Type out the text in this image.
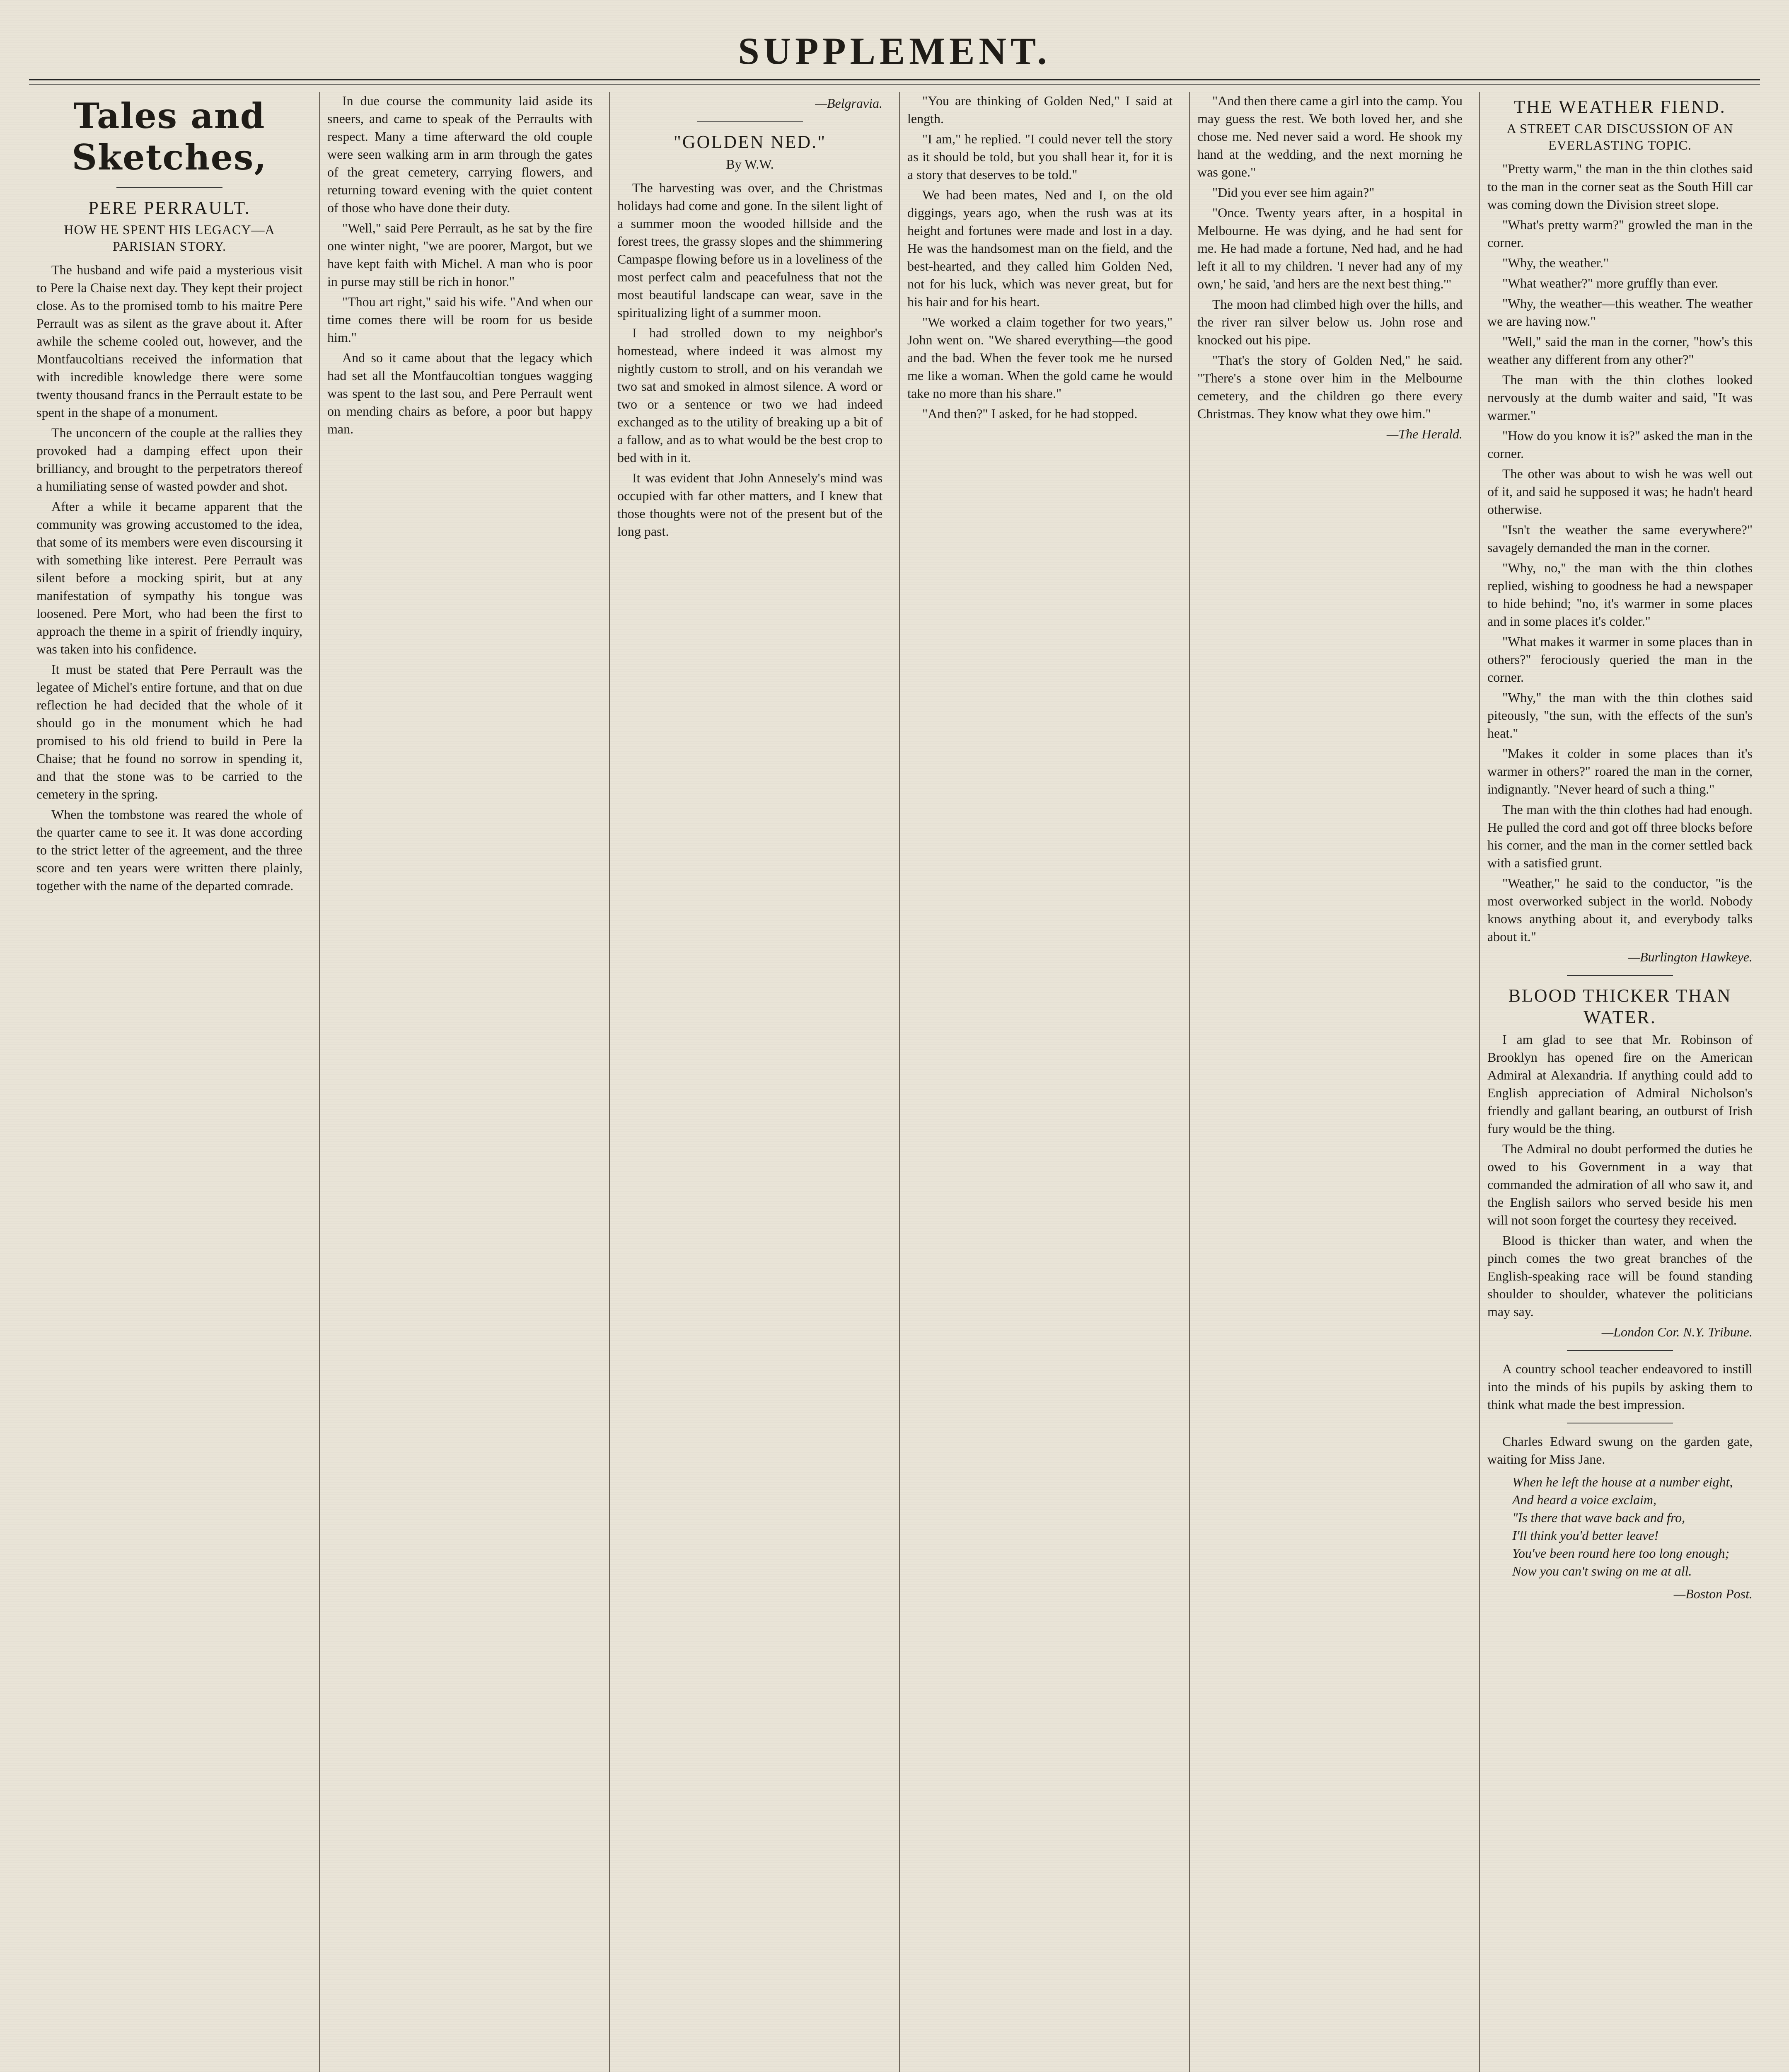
SUPPLEMENT.
Tales and Sketches,
PERE PERRAULT.
HOW HE SPENT HIS LEGACY—A PARISIAN STORY.

The husband and wife paid a mysterious visit to Pere la Chaise next day. They kept their project close. As to the promised tomb to his maitre Pere Perrault was as silent as the grave about it. After awhile the scheme cooled out, however, and the Montfaucoltians received the information that with incredible knowledge there were some twenty thousand francs in the Perrault estate to be spent in the shape of a monument.

The unconcern of the couple at the rallies they provoked had a damping effect upon their brilliancy, and brought to the perpetrators thereof a humiliating sense of wasted powder and shot.

After a while it became apparent that the community was growing accustomed to the idea, that some of its members were even discoursing it with something like interest. Pere Perrault was silent before a mocking spirit, but at any manifestation of sympathy his tongue was loosened. Pere Mort, who had been the first to approach the theme in a spirit of friendly inquiry, was taken into his confidence.

It must be stated that Pere Perrault was the legatee of Michel's entire fortune, and that on due reflection he had decided that the whole of it should go in the monument which he had promised to his old friend to build in Pere la Chaise; that he found no sorrow in spending it, and that the stone was to be carried to the cemetery in the spring.

When the tombstone was reared the whole of the quarter came to see it. It was done according to the strict letter of the agreement, and the three score and ten years were written there plainly, together with the name of the departed comrade.

In due course the community laid aside its sneers, and came to speak of the Perraults with respect. Many a time afterward the old couple were seen walking arm in arm through the gates of the great cemetery, carrying flowers, and returning toward evening with the quiet content of those who have done their duty.

"Well," said Pere Perrault, as he sat by the fire one winter night, "we are poorer, Margot, but we have kept faith with Michel. A man who is poor in purse may still be rich in honor."

"Thou art right," said his wife. "And when our time comes there will be room for us beside him."

And so it came about that the legacy which had set all the Montfaucoltian tongues wagging was spent to the last sou, and Pere Perrault went on mending chairs as before, a poor but happy man.

—Belgravia.
"GOLDEN NED."
By W.W.

The harvesting was over, and the Christmas holidays had come and gone. In the silent light of a summer moon the wooded hillside and the forest trees, the grassy slopes and the shimmering Campaspe flowing before us in a loveliness of the most perfect calm and peacefulness that not the most beautiful landscape can wear, save in the spiritualizing light of a summer moon.

I had strolled down to my neighbor's homestead, where indeed it was almost my nightly custom to stroll, and on his verandah we two sat and smoked in almost silence. A word or two or a sentence or two we had indeed exchanged as to the utility of breaking up a bit of a fallow, and as to what would be the best crop to bed with in it.

It was evident that John Annesely's mind was occupied with far other matters, and I knew that those thoughts were not of the present but of the long past.

"You are thinking of Golden Ned," I said at length.

"I am," he replied. "I could never tell the story as it should be told, but you shall hear it, for it is a story that deserves to be told."

We had been mates, Ned and I, on the old diggings, years ago, when the rush was at its height and fortunes were made and lost in a day. He was the handsomest man on the field, and the best-hearted, and they called him Golden Ned, not for his luck, which was never great, but for his hair and for his heart.

"We worked a claim together for two years," John went on. "We shared everything—the good and the bad. When the fever took me he nursed me like a woman. When the gold came he would take no more than his share."

"And then?" I asked, for he had stopped.

"And then there came a girl into the camp. You may guess the rest. We both loved her, and she chose me. Ned never said a word. He shook my hand at the wedding, and the next morning he was gone."

"Did you ever see him again?"

"Once. Twenty years after, in a hospital in Melbourne. He was dying, and he had sent for me. He had made a fortune, Ned had, and he had left it all to my children. 'I never had any of my own,' he said, 'and hers are the next best thing.'"

The moon had climbed high over the hills, and the river ran silver below us. John rose and knocked out his pipe.

"That's the story of Golden Ned," he said. "There's a stone over him in the Melbourne cemetery, and the children go there every Christmas. They know what they owe him."

—The Herald.
THE WEATHER FIEND.
A STREET CAR DISCUSSION OF AN EVERLASTING TOPIC.

"Pretty warm," the man in the thin clothes said to the man in the corner seat as the South Hill car was coming down the Division street slope.

"What's pretty warm?" growled the man in the corner.

"Why, the weather."

"What weather?" more gruffly than ever.

"Why, the weather—this weather. The weather we are having now."

"Well," said the man in the corner, "how's this weather any different from any other?"

The man with the thin clothes looked nervously at the dumb waiter and said, "It was warmer."

"How do you know it is?" asked the man in the corner.

The other was about to wish he was well out of it, and said he supposed it was; he hadn't heard otherwise.

"Isn't the weather the same everywhere?" savagely demanded the man in the corner.

"Why, no," the man with the thin clothes replied, wishing to goodness he had a newspaper to hide behind; "no, it's warmer in some places and in some places it's colder."

"What makes it warmer in some places than in others?" ferociously queried the man in the corner.

"Why," the man with the thin clothes said piteously, "the sun, with the effects of the sun's heat."

"Makes it colder in some places than it's warmer in others?" roared the man in the corner, indignantly. "Never heard of such a thing."

The man with the thin clothes had had enough. He pulled the cord and got off three blocks before his corner, and the man in the corner settled back with a satisfied grunt.

"Weather," he said to the conductor, "is the most overworked subject in the world. Nobody knows anything about it, and everybody talks about it."

—Burlington Hawkeye.
BLOOD THICKER THAN WATER.

I am glad to see that Mr. Robinson of Brooklyn has opened fire on the American Admiral at Alexandria. If anything could add to English appreciation of Admiral Nicholson's friendly and gallant bearing, an outburst of Irish fury would be the thing.

The Admiral no doubt performed the duties he owed to his Government in a way that commanded the admiration of all who saw it, and the English sailors who served beside his men will not soon forget the courtesy they received.

Blood is thicker than water, and when the pinch comes the two great branches of the English-speaking race will be found standing shoulder to shoulder, whatever the politicians may say.

—London Cor. N.Y. Tribune.

A country school teacher endeavored to instill into the minds of his pupils by asking them to think what made the best impression.

Charles Edward swung on the garden gate, waiting for Miss Jane.

When he left the house at a number eight,

And heard a voice exclaim,

"Is there that wave back and fro,

I'll think you'd better leave!

You've been round here too long enough;

Now you can't swing on me at all.

—Boston Post.
